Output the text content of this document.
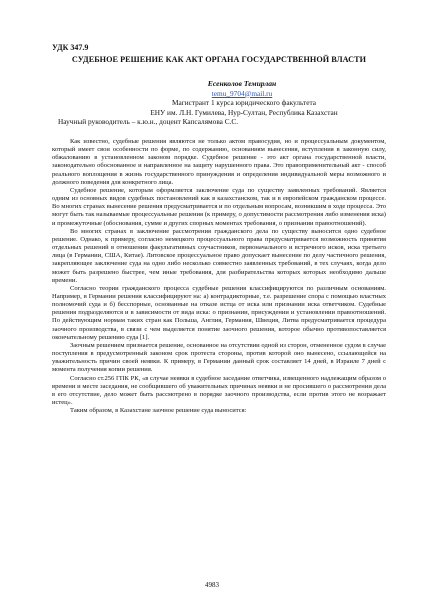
УДК 347.9
СУДЕБНОЕ РЕШЕНИЕ КАК АКТ ОРГАНА ГОСУДАРСТВЕННОЙ ВЛАСТИ
Есенколов Темирлан
temu_9704@mail.ru
Магистрант 1 курса юридического факультета
ЕНУ им. Л.Н. Гумилева, Нур-Султан, Республика Казахстан
Научный руководитель – к.ю.н., доцент Капсалямова С.С.

Как известно, судебные решения являются не только актом правосудия, но и процессуальным документом, который имеет свои особенности по форме, по содержанию, основаниям вынесения, вступления в законную силу, обжалованию в установленном законом порядке. Судебное решение - это акт органа государственной власти, законодательно обоснованное и направленное на защиту нарушенного права. Это правоприменительный акт - способ реального воплощения в жизнь государственного принуждения и определения индивидуальной меры возможного и должного поведения для конкретного лица.

Судебное решение, которым оформляется заключение суда по существу заявленных требований. Является одним из основных видов судебных постановлений как в казахстанском, так и в европейском гражданском процессе. Во многих странах вынесение решения предусматривается и по отдельным вопросам, возникшим в ходе процесса. Это могут быть так называемые процессуальные решения (к примеру, о допустимости рассмотрения либо изменения иска) и промежуточные (обоснования, сумме и других спорных моментах требования, о признании правоотношений).

Во многих странах в заключение рассмотрения гражданского дела по существу выносится одно судебное решение. Однако, к примеру, согласно немецкого процессуального права предусматривается возможность принятия отдельных решений в отношении факультативных соучастников, первоначального и встречного исков, иска третьего лица (в Германии, США, Китае). Литовское процессуальное право допускает вынесение по делу частичного решения, закрепляющее заключение суда на одно либо несколько совместно заявленных требований, в тех случаях, когда дело может быть разрешено быстрее, чем иные требования, для разбирательства которых которых необходимо дальше времени.

Согласно теории гражданского процесса судебные решения классифицируются по различным основаниям. Например, в Германии решения классифицируют на: а) контрадикторные, т.е. разрешение спора с помощью властных полномочий суда и б) бесспорные, основанные на отказе истца от иска или признании иска ответчиком. Судебные решения подразделяются и в зависимости от вида иска: о признании, присуждении и установлении правоотношений. По действующим нормам таких стран как Польша, Англия, Германия, Швеция, Литва предусматривается процедура заочного производства, в связи с чем выделяется понятие заочного решения, которое обычно противопоставляется окончательному решению суда [1].

Заочным решением признается решение, основанное на отсутствии одной из сторон, отмененное судом в случае поступления в предусмотренный законом срок протеста стороны, против которой оно вынесено, ссылающейся на уважительность причин своей неявки. К примеру, в Германии данный срок составляет 14 дней, в Израиле 7 дней с момента получения копии решения.

Согласно ст.256 ГПК РК, «в случае неявки в судебное заседание ответчика, извещенного надлежащим образом о времени и месте заседания, не сообщившего об уважительных причинах неявки и не просившего о рассмотрении дела в его отсутствие, дело может быть рассмотрено в порядке заочного производства, если против этого не возражает истец».

Таким образом, в Казахстане заочное решение суда выносится:

4983
